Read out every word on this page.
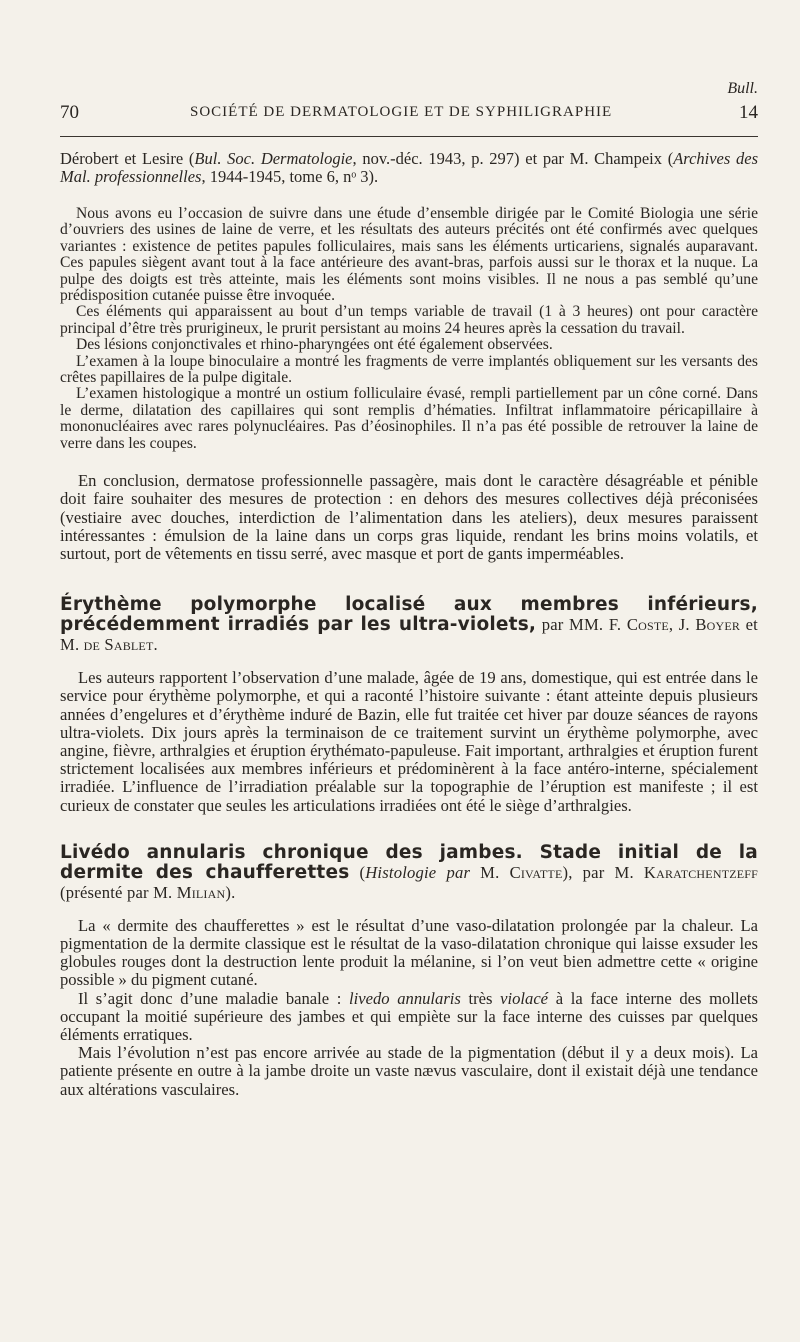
Bull.
70	SOCIÉTÉ DE DERMATOLOGIE ET DE SYPHILIGRAPHIE	14

Dérobert et Lesire (Bul. Soc. Dermatologie, nov.-déc. 1943, p. 297) et par M. Champeix (Archives des Mal. professionnelles, 1944-1945, tome 6, nᵒ 3).

Nous avons eu l’occasion de suivre dans une étude d’ensemble dirigée par le Comité Biologia une série d’ouvriers des usines de laine de verre, et les résultats des auteurs précités ont été confirmés avec quelques variantes : existence de petites papules folliculaires, mais sans les éléments urticariens, signalés auparavant. Ces papules siègent avant tout à la face antérieure des avant-bras, parfois aussi sur le thorax et la nuque. La pulpe des doigts est très atteinte, mais les éléments sont moins visibles. Il ne nous a pas semblé qu’une prédisposition cutanée puisse être invoquée.

Ces éléments qui apparaissent au bout d’un temps variable de travail (1 à 3 heures) ont pour caractère principal d’être très prurigineux, le prurit persistant au moins 24 heures après la cessation du travail.

Des lésions conjonctivales et rhino-pharyngées ont été également observées.

L’examen à la loupe binoculaire a montré les fragments de verre implantés obliquement sur les versants des crêtes papillaires de la pulpe digitale.

L’examen histologique a montré un ostium folliculaire évasé, rempli partiellement par un cône corné. Dans le derme, dilatation des capillaires qui sont remplis d’hématies. Infiltrat inflammatoire péricapillaire à mononucléaires avec rares polynucléaires. Pas d’éosinophiles. Il n’a pas été possible de retrouver la laine de verre dans les coupes.

En conclusion, dermatose professionnelle passagère, mais dont le caractère désagréable et pénible doit faire souhaiter des mesures de protection : en dehors des mesures collectives déjà préconisées (vestiaire avec douches, interdiction de l’alimentation dans les ateliers), deux mesures paraissent intéressantes : émulsion de la laine dans un corps gras liquide, rendant les brins moins volatils, et surtout, port de vêtements en tissu serré, avec masque et port de gants imperméables.

Érythème polymorphe localisé aux membres inférieurs, précédemment irradiés par les ultra-violets, par MM. F. Coste, J. Boyer et M. de Sablet.

Les auteurs rapportent l’observation d’une malade, âgée de 19 ans, domestique, qui est entrée dans le service pour érythème polymorphe, et qui a raconté l’histoire suivante : étant atteinte depuis plusieurs années d’engelures et d’érythème induré de Bazin, elle fut traitée cet hiver par douze séances de rayons ultra-violets. Dix jours après la terminaison de ce traitement survint un érythème polymorphe, avec angine, fièvre, arthralgies et éruption érythémato-papuleuse. Fait important, arthralgies et éruption furent strictement localisées aux membres inférieurs et prédominèrent à la face antéro-interne, spécialement irradiée. L’influence de l’irradiation préalable sur la topographie de l’éruption est manifeste ; il est curieux de constater que seules les articulations irradiées ont été le siège d’arthralgies.

Livédo annularis chronique des jambes. Stade initial de la dermite des chaufferettes (Histologie par M. Civatte), par M. Karatchentzeff (présenté par M. Milian).

La « dermite des chaufferettes » est le résultat d’une vaso-dilatation prolongée par la chaleur. La pigmentation de la dermite classique est le résultat de la vaso-dilatation chronique qui laisse exsuder les globules rouges dont la destruction lente produit la mélanine, si l’on veut bien admettre cette « origine possible » du pigment cutané.

Il s’agit donc d’une maladie banale : livedo annularis très violacé à la face interne des mollets occupant la moitié supérieure des jambes et qui empiète sur la face interne des cuisses par quelques éléments erratiques.

Mais l’évolution n’est pas encore arrivée au stade de la pigmentation (début il y a deux mois). La patiente présente en outre à la jambe droite un vaste nævus vasculaire, dont il existait déjà une tendance aux altérations vasculaires.
